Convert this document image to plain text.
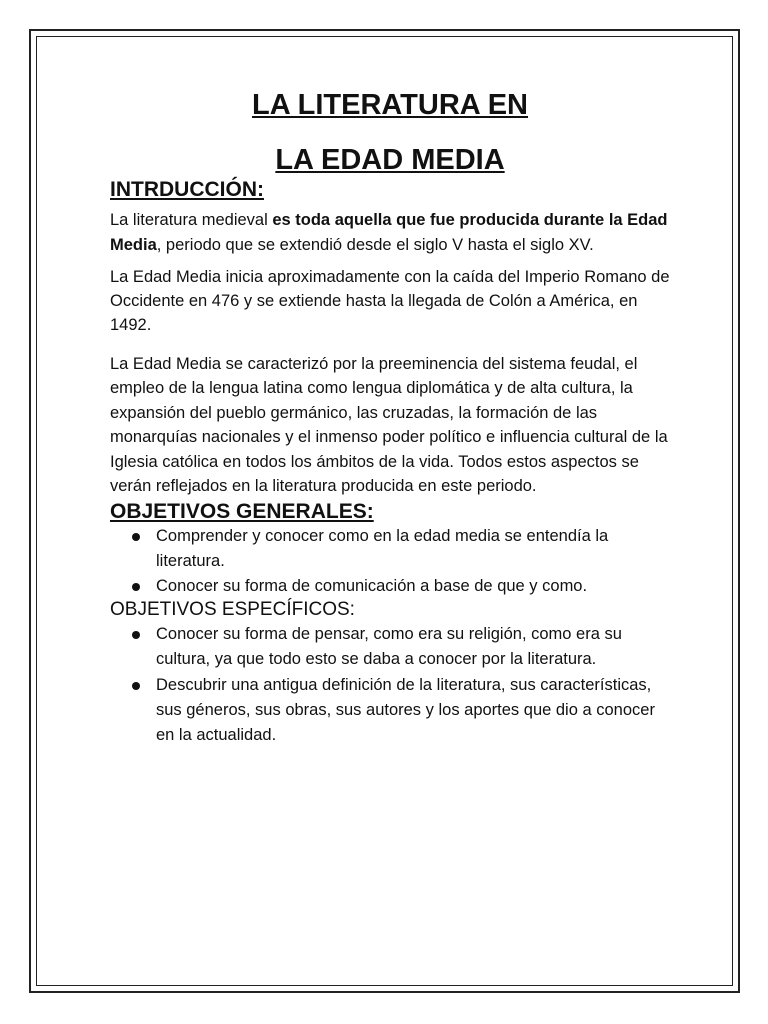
LA LITERATURA EN
LA EDAD MEDIA
INTRDUCCIÓN:

La literatura medieval es toda aquella que fue producida durante la Edad Media, periodo que se extendió desde el siglo V hasta el siglo XV.

La Edad Media inicia aproximadamente con la caída del Imperio Romano de Occidente en 476 y se extiende hasta la llegada de Colón a América, en 1492.

La Edad Media se caracterizó por la preeminencia del sistema feudal, el empleo de la lengua latina como lengua diplomática y de alta cultura, la expansión del pueblo germánico, las cruzadas, la formación de las monarquías nacionales y el inmenso poder político e influencia cultural de la Iglesia católica en todos los ámbitos de la vida. Todos estos aspectos se verán reflejados en la literatura producida en este periodo.

OBJETIVOS GENERALES:
Comprender y conocer como en la edad media se entendía la literatura.
Conocer su forma de comunicación a base de que y como.
OBJETIVOS ESPECÍFICOS:
Conocer su forma de pensar, como era su religión, como era su cultura, ya que todo esto se daba a conocer por la literatura.
Descubrir una antigua definición de la literatura, sus características, sus géneros, sus obras, sus autores y los aportes que dio a conocer en la actualidad.
